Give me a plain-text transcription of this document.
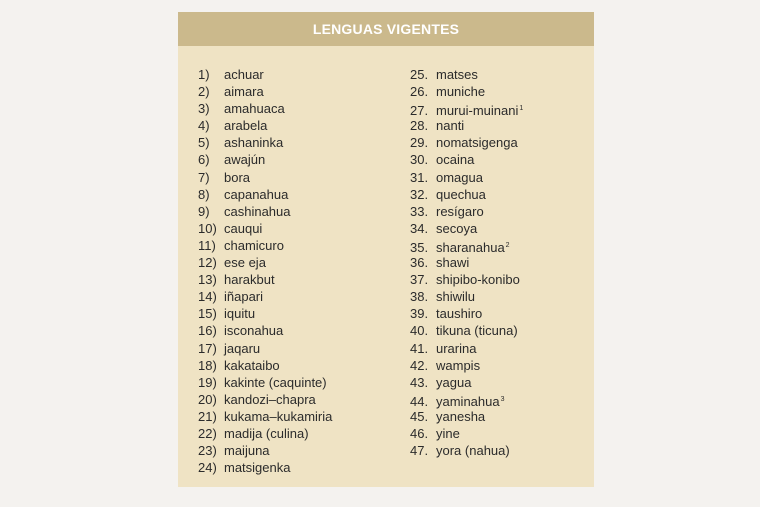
LENGUAS VIGENTES
1) achuar
2) aimara
3) amahuaca
4) arabela
5) ashaninka
6) awajún
7) bora
8) capanahua
9) cashinahua
10) cauqui
11) chamicuro
12) ese eja
13) harakbut
14) iñapari
15) iquitu
16) isconahua
17) jaqaru
18) kakataibo
19) kakinte (caquinte)
20) kandozi–chapra
21) kukama–kukamiria
22) madija (culina)
23) maijuna
24) matsigenka
25. matses
26. muniche
27. murui-muinani$^1$
28. nanti
29. nomatsigenga
30. ocaina
31. omagua
32. quechua
33. resígaro
34. secoya
35. sharanahua$^2$
36. shawi
37. shipibo-konibo
38. shiwilu
39. taushiro
40. tikuna (ticuna)
41. urarina
42. wampis
43. yagua
44. yaminahua$^3$
45. yanesha
46. yine
47. yora (nahua)
